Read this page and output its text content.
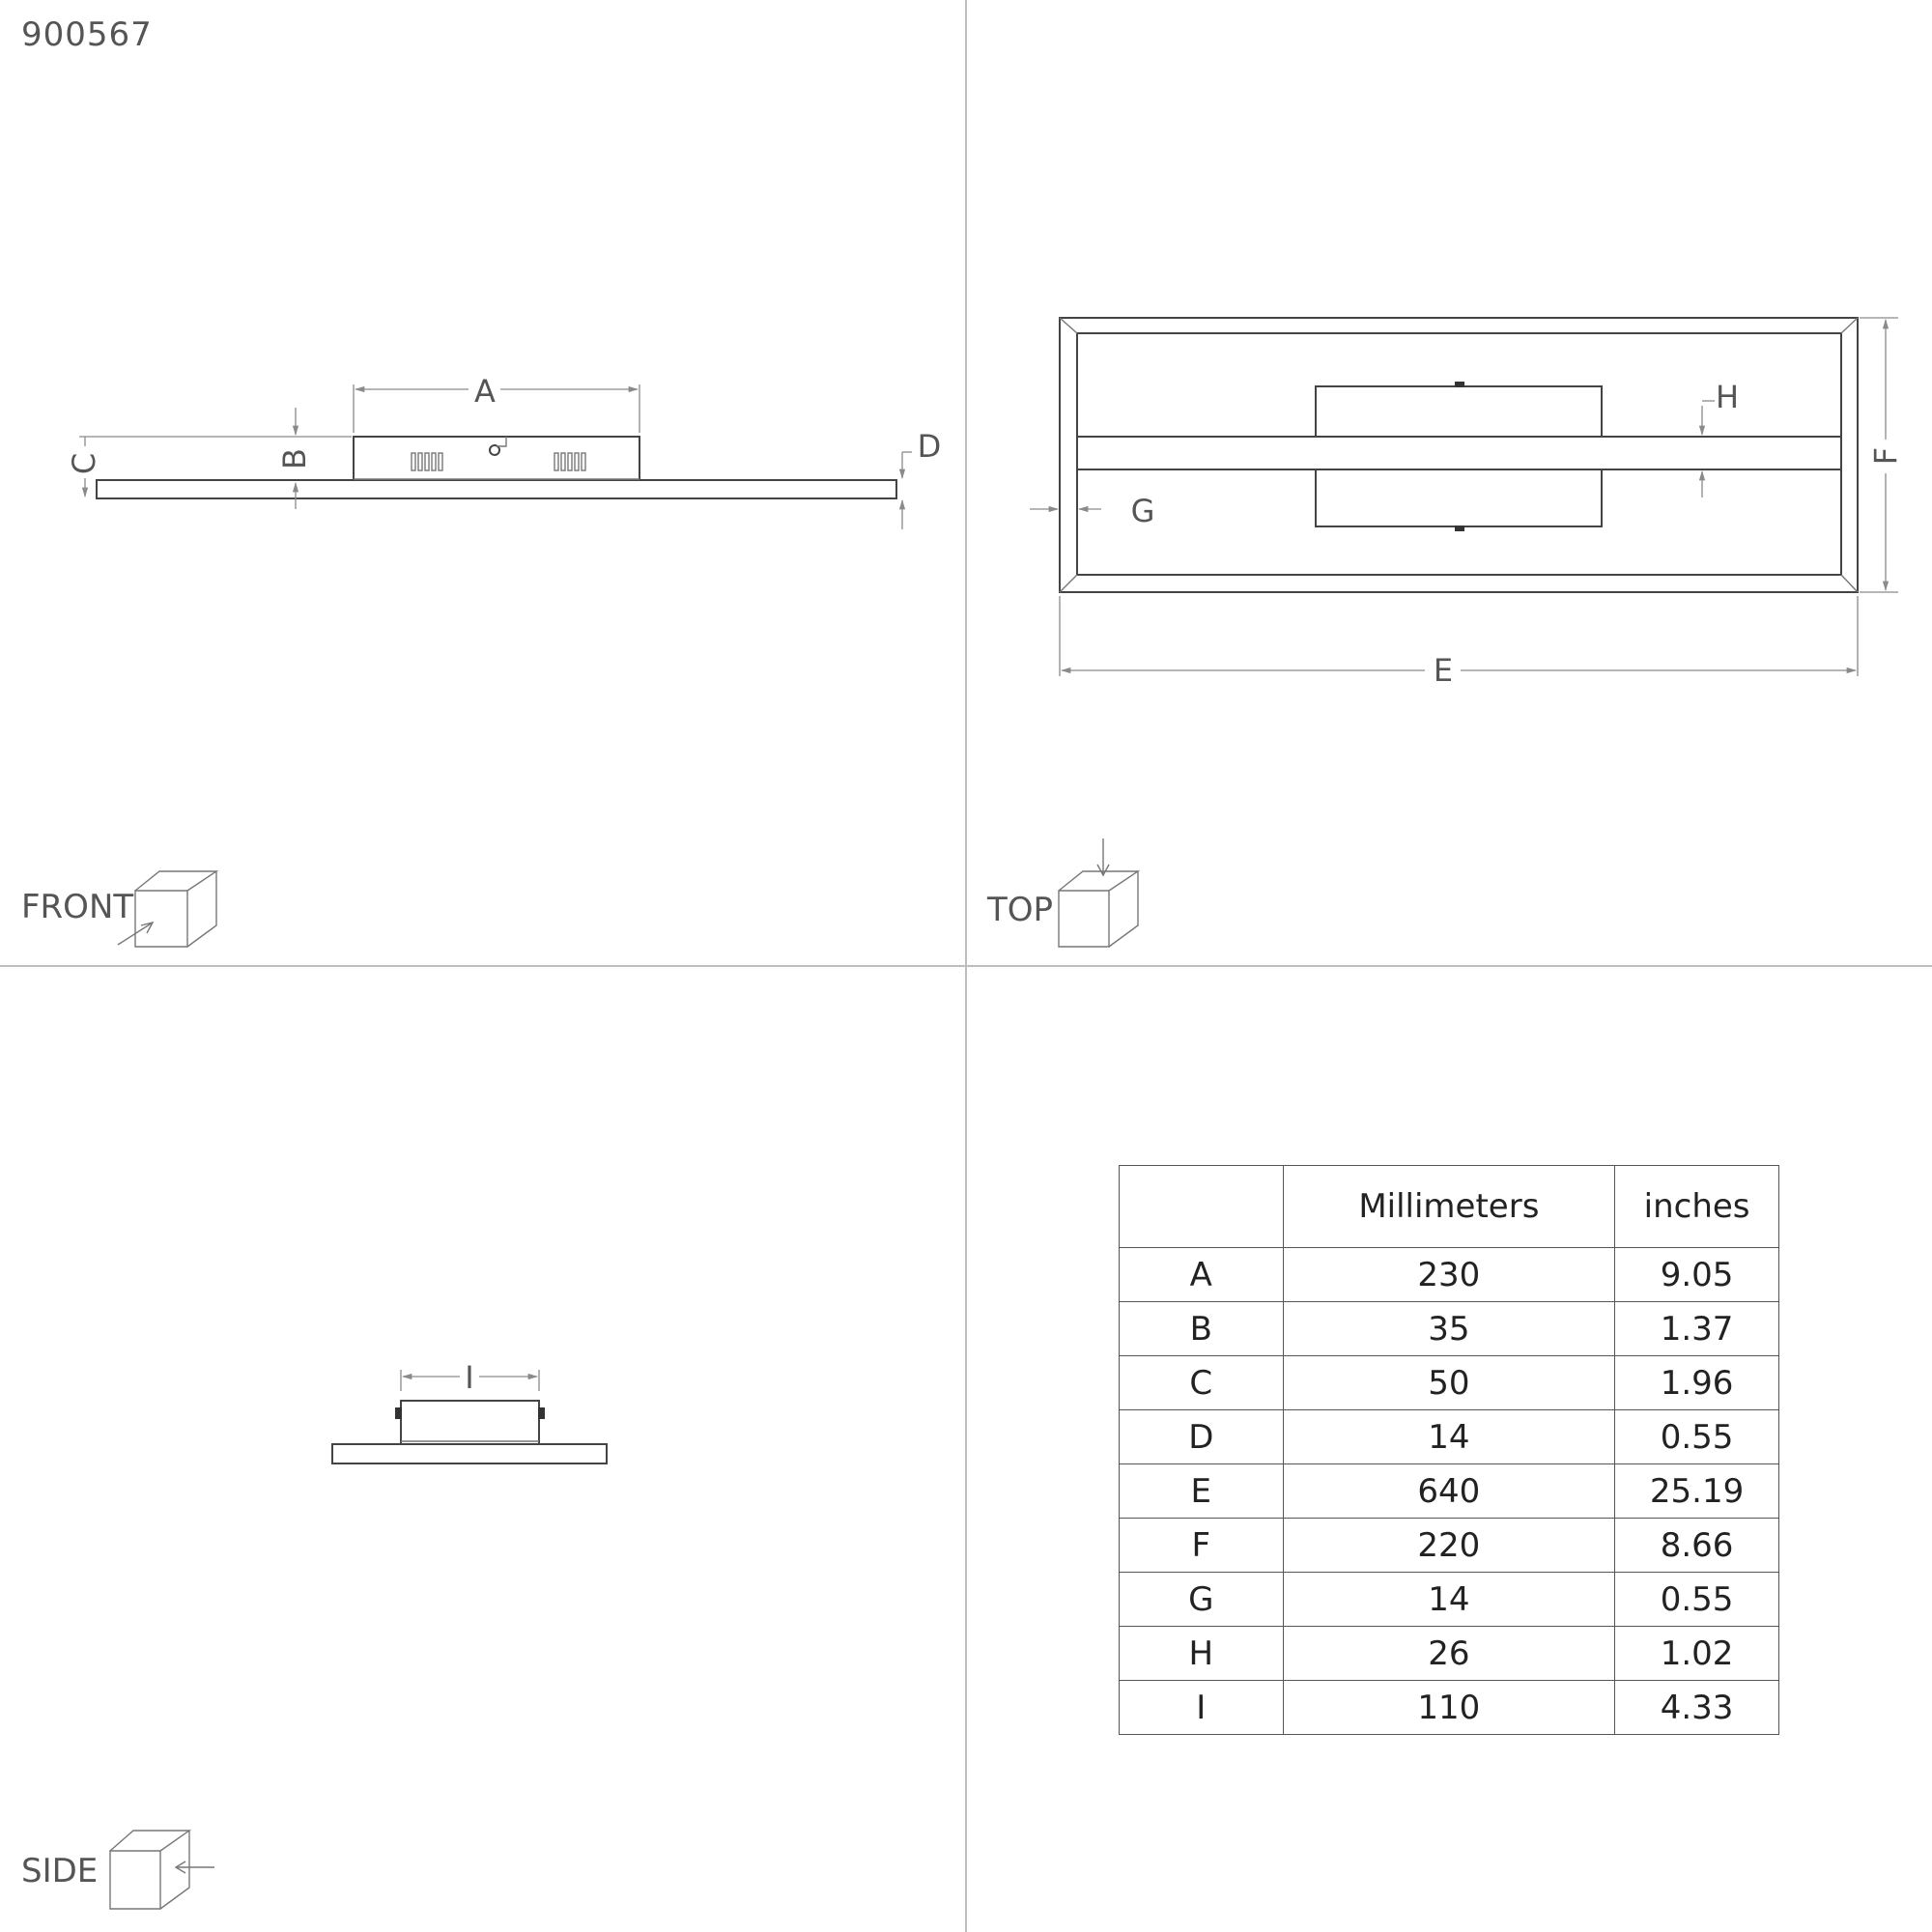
900567
A
B
C	D
FRONT
H
G
F
E
TOP
I
SIDE
	Millimeters	inches
A	230	9.05
B	35	1.37
C	50	1.96
D	14	0.55
E	640	25.19
F	220	8.66
G	14	0.55
H	26	1.02
I	110	4.33
